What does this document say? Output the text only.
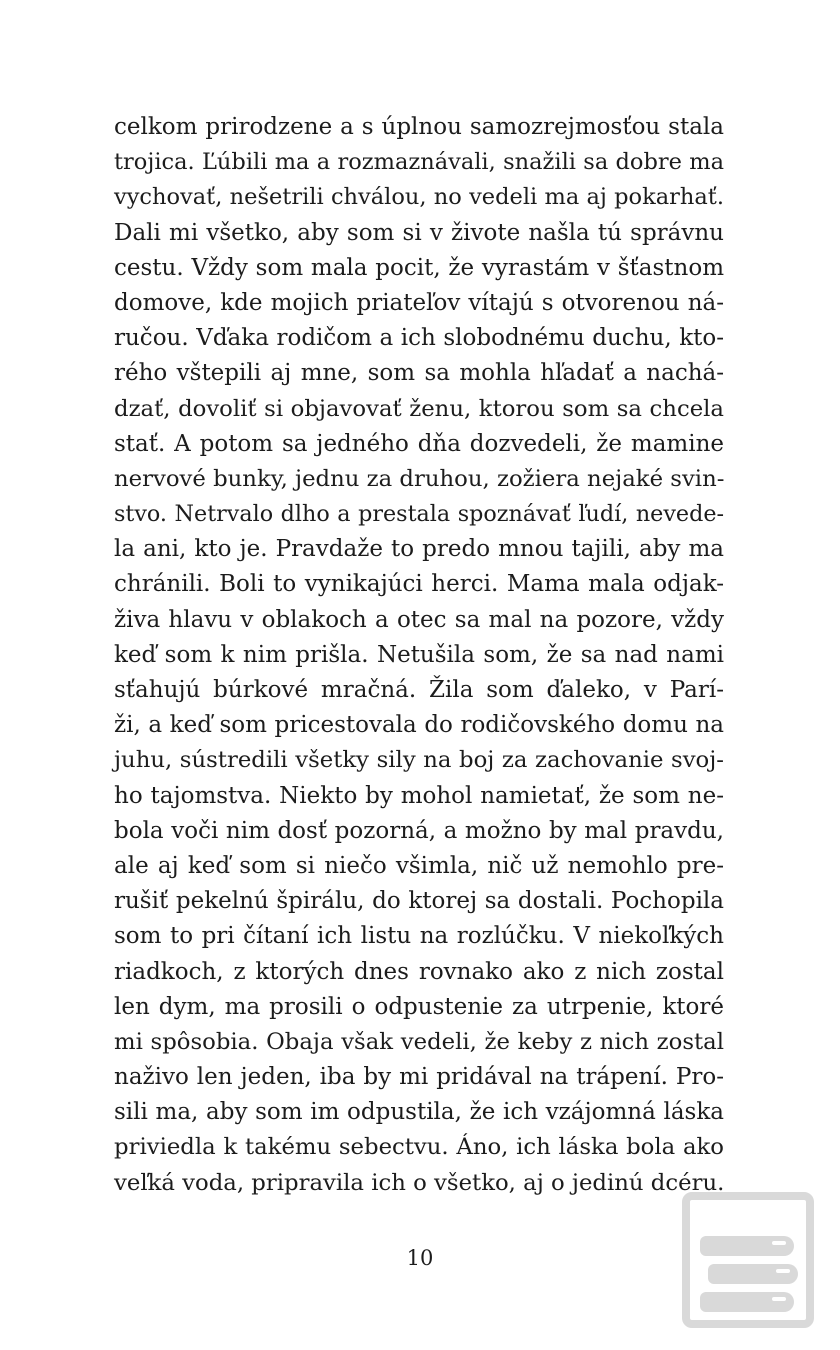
celkom prirodzene a s úplnou samozrejmosťou stala
trojica. Ľúbili ma a rozmaznávali, snažili sa dobre ma
vychovať, nešetrili chválou, no vedeli ma aj pokarhať.
Dali mi všetko, aby som si v živote našla tú správnu
cestu. Vždy som mala pocit, že vyrastám v šťastnom
domove, kde mojich priateľov vítajú s otvorenou ná-
ručou. Vďaka rodičom a ich slobodnému duchu, kto-
rého vštepili aj mne, som sa mohla hľadať a nachá-
dzať, dovoliť si objavovať ženu, ktorou som sa chcela
stať. A potom sa jedného dňa dozvedeli, že mamine
nervové bunky, jednu za druhou, zožiera nejaké svin-
stvo. Netrvalo dlho a prestala spoznávať ľudí, nevede-
la ani, kto je. Pravdaže to predo mnou tajili, aby ma
chránili. Boli to vynikajúci herci. Mama mala odjak-
živa hlavu v oblakoch a otec sa mal na pozore, vždy
keď som k nim prišla. Netušila som, že sa nad nami
sťahujú búrkové mračná. Žila som ďaleko, v Parí-
ži, a keď som pricestovala do rodičovského domu na
juhu, sústredili všetky sily na boj za zachovanie svoj-
ho tajomstva. Niekto by mohol namietať, že som ne-
bola voči nim dosť pozorná, a možno by mal pravdu,
ale aj keď som si niečo všimla, nič už nemohlo pre-
rušiť pekelnú špirálu, do ktorej sa dostali. Pochopila
som to pri čítaní ich listu na rozlúčku. V niekoľkých
riadkoch, z ktorých dnes rovnako ako z nich zostal
len dym, ma prosili o odpustenie za utrpenie, ktoré
mi spôsobia. Obaja však vedeli, že keby z nich zostal
naživo len jeden, iba by mi pridával na trápení. Pro-
sili ma, aby som im odpustila, že ich vzájomná láska
priviedla k takému sebectvu. Áno, ich láska bola ako
veľká voda, pripravila ich o všetko, aj o jedinú dcéru.
10
